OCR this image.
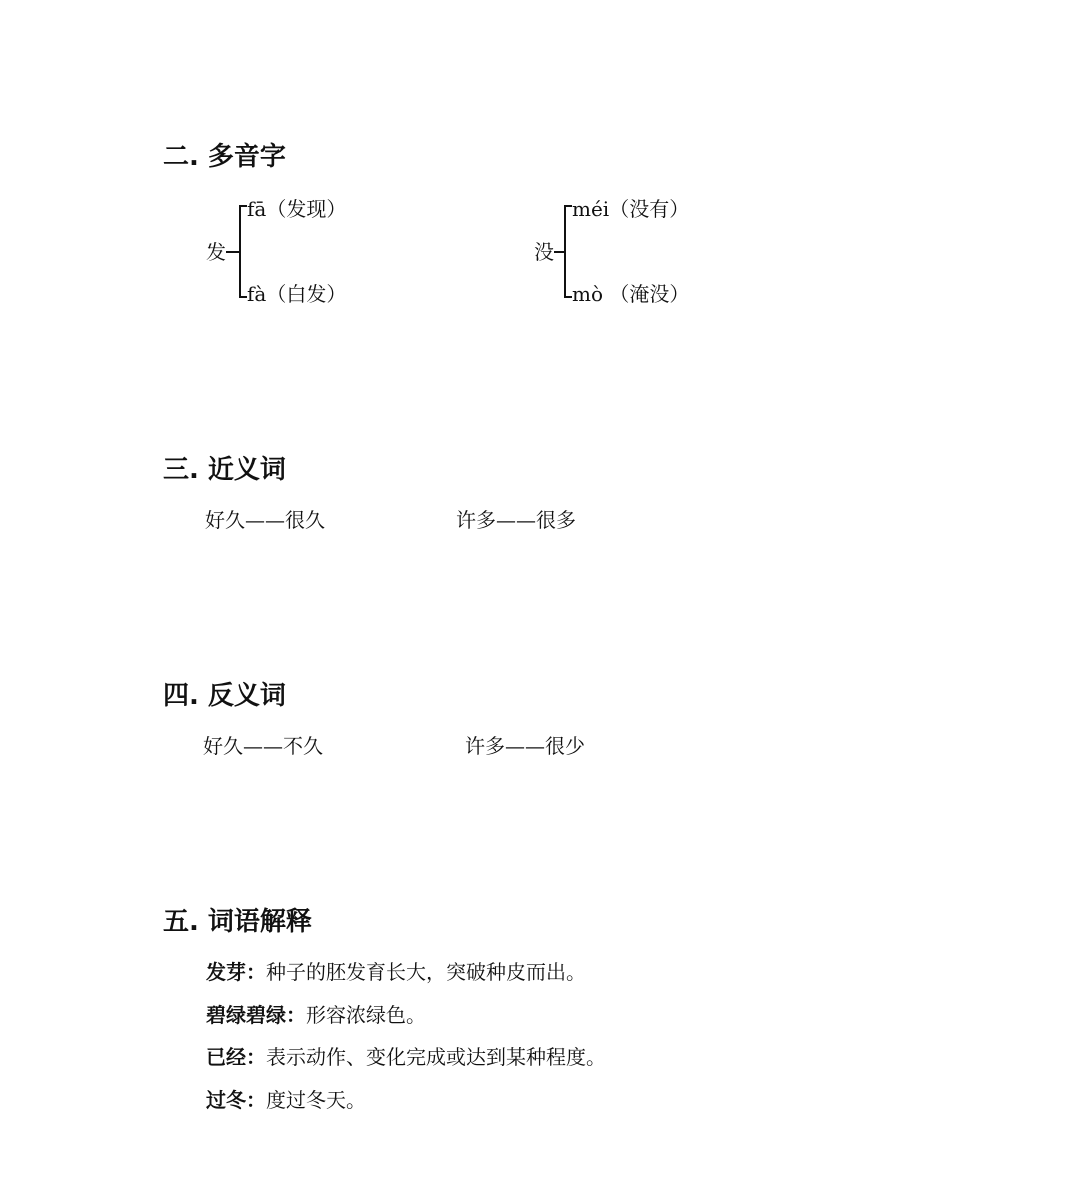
二. 多音字
发
fā（发现）
fà（白发）
没
méi（没有）
mò （淹没）
三. 近义词
好久——很久	许多——很多
四. 反义词
好久——不久	许多——很少
五. 词语解释
发芽：种子的胚发育长大，突破种皮而出。
碧绿碧绿：形容浓绿色。
已经：表示动作、变化完成或达到某种程度。
过冬：度过冬天。
